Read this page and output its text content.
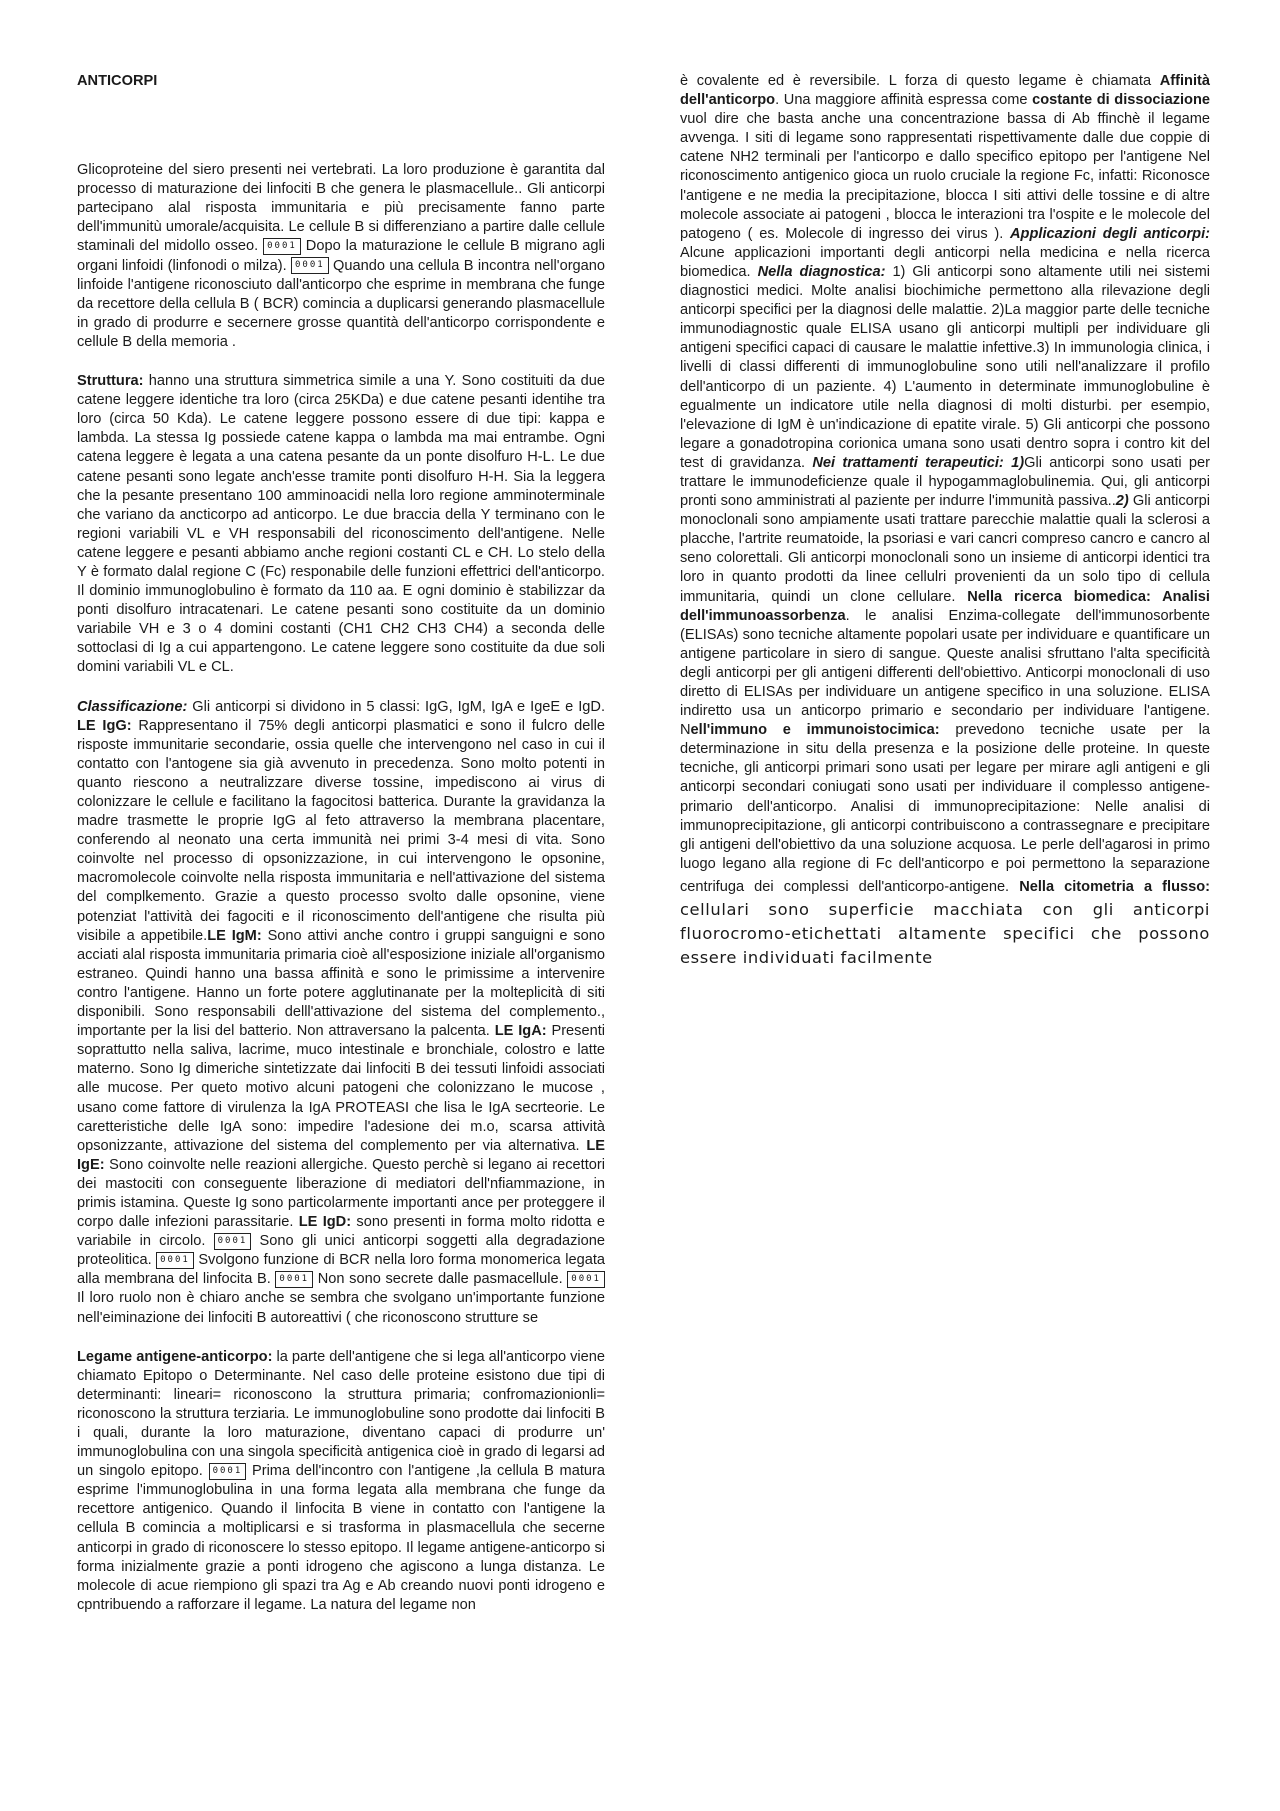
ANTICORPI

Glicoproteine del siero presenti nei vertebrati. La loro produzione è garantita dal processo di maturazione dei linfociti B che genera le plasmacellule.. Gli anticorpi partecipano alal risposta immunitaria e più precisamente fanno parte dell'immunitù umorale/acquisita. Le cellule B si differenziano a partire dalle cellule staminali del midollo osseo. 0001 Dopo la maturazione le cellule B migrano agli organi linfoidi (linfonodi o milza). 0001 Quando una cellula B incontra nell'organo linfoide l'antigene riconosciuto dall'anticorpo che esprime in membrana che funge da recettore della cellula B ( BCR) comincia a duplicarsi generando plasmacellule in grado di produrre e secernere grosse quantità dell'anticorpo corrispondente e cellule B della memoria .

Struttura: hanno una struttura simmetrica simile a una Y. Sono costituiti da due catene leggere identiche tra loro (circa 25KDa) e due catene pesanti identihe tra loro (circa 50 Kda). Le catene leggere possono essere di due tipi: kappa e lambda. La stessa Ig possiede catene kappa o lambda ma mai entrambe. Ogni catena leggere è legata a una catena pesante da un ponte disolfuro H-L. Le due catene pesanti sono legate anch'esse tramite ponti disolfuro H-H. Sia la leggera che la pesante presentano 100 amminoacidi nella loro regione amminoterminale che variano da ancticorpo ad anticorpo. Le due braccia della Y terminano con le regioni variabili VL e VH responsabili del riconoscimento dell'antigene. Nelle catene leggere e pesanti abbiamo anche regioni costanti CL e CH. Lo stelo della Y è formato dalal regione C (Fc) responabile delle funzioni effettrici dell'anticorpo. Il dominio immunoglobulino è formato da 110 aa. E ogni dominio è stabilizzar da ponti disolfuro intracatenari. Le catene pesanti sono costituite da un dominio variabile VH e 3 o 4 domini costanti (CH1 CH2 CH3 CH4) a seconda delle sottoclasi di Ig a cui appartengono. Le catene leggere sono costituite da due soli domini variabili VL e CL.

Classificazione: Gli anticorpi si dividono in 5 classi: IgG, IgM, IgA e IgeE e IgD. LE IgG: Rappresentano il 75% degli anticorpi plasmatici e sono il fulcro delle risposte immunitarie secondarie, ossia quelle che intervengono nel caso in cui il contatto con l'antogene sia già avvenuto in precedenza. Sono molto potenti in quanto riescono a neutralizzare diverse tossine, impediscono ai virus di colonizzare le cellule e facilitano la fagocitosi batterica. Durante la gravidanza la madre trasmette le proprie IgG al feto attraverso la membrana placentare, conferendo al neonato una certa immunità nei primi 3-4 mesi di vita. Sono coinvolte nel processo di opsonizzazione, in cui intervengono le opsonine, macromolecole coinvolte nella risposta immunitaria e nell'attivazione del sistema del complkemento. Grazie a questo processo svolto dalle opsonine, viene potenziat l'attività dei fagociti e il riconoscimento dell'antigene che risulta più visibile a appetibile.LE IgM: Sono attivi anche contro i gruppi sanguigni e sono acciati alal risposta immunitaria primaria cioè all'esposizione iniziale all'organismo estraneo. Quindi hanno una bassa affinità e sono le primissime a intervenire contro l'antigene. Hanno un forte potere agglutinanate per la molteplicità di siti disponibili. Sono responsabili delll'attivazione del sistema del complemento., importante per la lisi del batterio. Non attraversano la palcenta. LE IgA: Presenti soprattutto nella saliva, lacrime, muco intestinale e bronchiale, colostro e latte materno. Sono Ig dimeriche sintetizzate dai linfociti B dei tessuti linfoidi associati alle mucose. Per queto motivo alcuni patogeni che colonizzano le mucose , usano come fattore di virulenza la IgA PROTEASI che lisa le IgA secrteorie. Le caretteristiche delle IgA sono: impedire l'adesione dei m.o, scarsa attività opsonizzante, attivazione del sistema del complemento per via alternativa. LE IgE: Sono coinvolte nelle reazioni allergiche. Questo perchè si legano ai recettori dei mastociti con conseguente liberazione di mediatori dell'nfiammazione, in primis istamina. Queste Ig sono particolarmente importanti ance per proteggere il corpo dalle infezioni parassitarie. LE IgD: sono presenti in forma molto ridotta e variabile in circolo. 0001 Sono gli unici anticorpi soggetti alla degradazione proteolitica. 0001 Svolgono funzione di BCR nella loro forma monomerica legata alla membrana del linfocita B. 0001 Non sono secrete dalle pasmacellule. 0001 Il loro ruolo non è chiaro anche se sembra che svolgano un'importante funzione nell'eiminazione dei linfociti B autoreattivi ( che riconoscono strutture se

Legame antigene-anticorpo: la parte dell'antigene che si lega all'anticorpo viene chiamato Epitopo o Determinante. Nel caso delle proteine esistono due tipi di determinanti: lineari= riconoscono la struttura primaria; confromazionionli= riconoscono la struttura terziaria. Le immunoglobuline sono prodotte dai linfociti B i quali, durante la loro maturazione, diventano capaci di produrre un' immunoglobulina con una singola specificità antigenica cioè in grado di legarsi ad un singolo epitopo. 0001 Prima dell'incontro con l'antigene ,la cellula B matura esprime l'immunoglobulina in una forma legata alla membrana che funge da recettore antigenico. Quando il linfocita B viene in contatto con l'antigene la cellula B comincia a moltiplicarsi e si trasforma in plasmacellula che secerne anticorpi in grado di riconoscere lo stesso epitopo. Il legame antigene-anticorpo si forma inizialmente grazie a ponti idrogeno che agiscono a lunga distanza. Le molecole di acue riempiono gli spazi tra Ag e Ab creando nuovi ponti idrogeno e cpntribuendo a rafforzare il legame. La natura del legame non

è covalente ed è reversibile. L forza di questo legame è chiamata Affinità dell'anticorpo. Una maggiore affinità espressa come costante di dissociazione vuol dire che basta anche una concentrazione bassa di Ab ffinchè il legame avvenga. I siti di legame sono rappresentati rispettivamente dalle due coppie di catene NH2 terminali per l'anticorpo e dallo specifico epitopo per l'antigene Nel riconoscimento antigenico gioca un ruolo cruciale la regione Fc, infatti: Riconosce l'antigene e ne media la precipitazione, blocca I siti attivi delle tossine e di altre molecole associate ai patogeni , blocca le interazioni tra l'ospite e le molecole del patogeno ( es. Molecole di ingresso dei virus ). Applicazioni degli anticorpi: Alcune applicazioni importanti degli anticorpi nella medicina e nella ricerca biomedica. Nella diagnostica: 1) Gli anticorpi sono altamente utili nei sistemi diagnostici medici. Molte analisi biochimiche permettono alla rilevazione degli anticorpi specifici per la diagnosi delle malattie. 2)La maggior parte delle tecniche immunodiagnostic quale ELISA usano gli anticorpi multipli per individuare gli antigeni specifici capaci di causare le malattie infettive.3) In immunologia clinica, i livelli di classi differenti di immunoglobuline sono utili nell'analizzare il profilo dell'anticorpo di un paziente. 4) L'aumento in determinate immunoglobuline è egualmente un indicatore utile nella diagnosi di molti disturbi. per esempio, l'elevazione di IgM è un'indicazione di epatite virale. 5) Gli anticorpi che possono legare a gonadotropina corionica umana sono usati dentro sopra i contro kit del test di gravidanza. Nei trattamenti terapeutici: 1)Gli anticorpi sono usati per trattare le immunodeficienze quale il hypogammaglobulinemia. Qui, gli anticorpi pronti sono amministrati al paziente per indurre l'immunità passiva..2) Gli anticorpi monoclonali sono ampiamente usati trattare parecchie malattie quali la sclerosi a placche, l'artrite reumatoide, la psoriasi e vari cancri compreso cancro e cancro al seno colorettali. Gli anticorpi monoclonali sono un insieme di anticorpi identici tra loro in quanto prodotti da linee cellulri provenienti da un solo tipo di cellula immunitaria, quindi un clone cellulare. Nella ricerca biomedica: Analisi dell'immunoassorbenza. le analisi Enzima-collegate dell'immunosorbente (ELISAs) sono tecniche altamente popolari usate per individuare e quantificare un antigene particolare in siero di sangue. Queste analisi sfruttano l'alta specificità degli anticorpi per gli antigeni differenti dell'obiettivo. Anticorpi monoclonali di uso diretto di ELISAs per individuare un antigene specifico in una soluzione. ELISA indiretto usa un anticorpo primario e secondario per individuare l'antigene. Nell'immuno e immunoistocimica: prevedono tecniche usate per la determinazione in situ della presenza e la posizione delle proteine. In queste tecniche, gli anticorpi primari sono usati per legare per mirare agli antigeni e gli anticorpi secondari coniugati sono usati per individuare il complesso antigene-primario dell'anticorpo. Analisi di immunoprecipitazione: Nelle analisi di immunoprecipitazione, gli anticorpi contribuiscono a contrassegnare e precipitare gli antigeni dell'obiettivo da una soluzione acquosa. Le perle dell'agarosi in primo luogo legano alla regione di Fc dell'anticorpo e poi permettono la separazione centrifuga dei complessi dell'anticorpo-antigene. Nella citometria a flusso: cellulari sono superficie macchiata con gli anticorpi fluorocromo-etichettati altamente specifici che possono essere individuati facilmente
